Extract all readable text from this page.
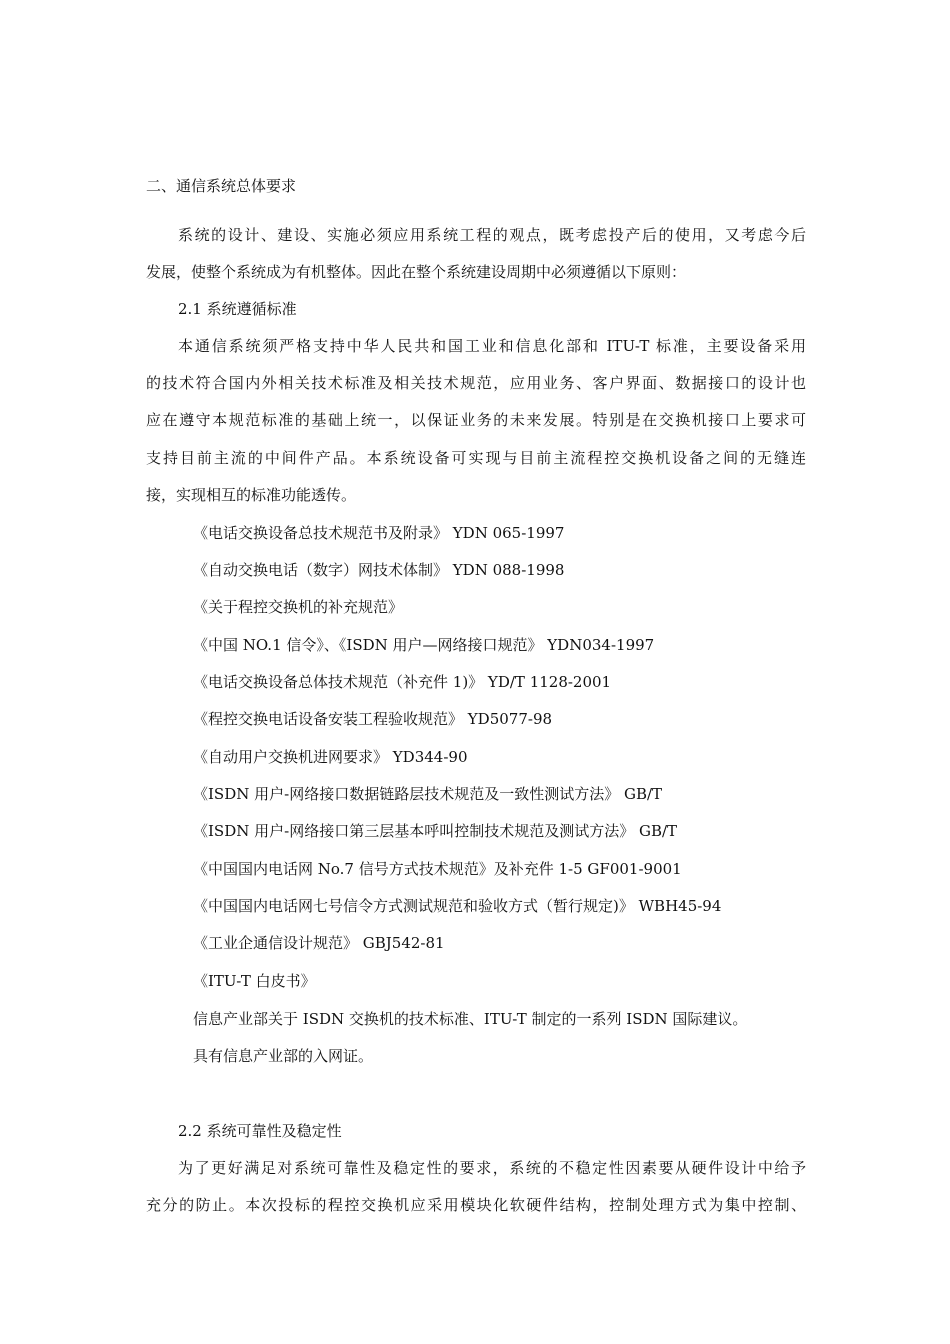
二、通信系统总体要求
系统的设计、建设、实施必须应用系统工程的观点，既考虑投产后的使用，又考虑今后
发展，使整个系统成为有机整体。因此在整个系统建设周期中必须遵循以下原则：
2.1 系统遵循标准
本通信系统须严格支持中华人民共和国工业和信息化部和 ITU-T 标准，主要设备采用
的技术符合国内外相关技术标准及相关技术规范，应用业务、客户界面、数据接口的设计也
应在遵守本规范标准的基础上统一，以保证业务的未来发展。特别是在交换机接口上要求可
支持目前主流的中间件产品。本系统设备可实现与目前主流程控交换机设备之间的无缝连
接，实现相互的标准功能透传。
《电话交换设备总技术规范书及附录》 YDN 065-1997
《自动交换电话（数字）网技术体制》 YDN 088-1998
《关于程控交换机的补充规范》
《中国 NO.1 信令》、《ISDN 用户—网络接口规范》 YDN034-1997
《电话交换设备总体技术规范（补充件 1)》 YD/T 1128-2001
《程控交换电话设备安装工程验收规范》 YD5077-98
《自动用户交换机进网要求》 YD344-90
《ISDN 用户-网络接口数据链路层技术规范及一致性测试方法》 GB/T
《ISDN 用户-网络接口第三层基本呼叫控制技术规范及测试方法》 GB/T
《中国国内电话网 No.7 信号方式技术规范》及补充件 1-5 GF001-9001
《中国国内电话网七号信令方式测试规范和验收方式（暂行规定)》 WBH45-94
《工业企通信设计规范》 GBJ542-81
《ITU-T 白皮书》
信息产业部关于 ISDN 交换机的技术标准、ITU-T 制定的一系列 ISDN 国际建议。
具有信息产业部的入网证。
2.2 系统可靠性及稳定性
为了更好满足对系统可靠性及稳定性的要求，系统的不稳定性因素要从硬件设计中给予
充分的防止。本次投标的程控交换机应采用模块化软硬件结构，控制处理方式为集中控制、
